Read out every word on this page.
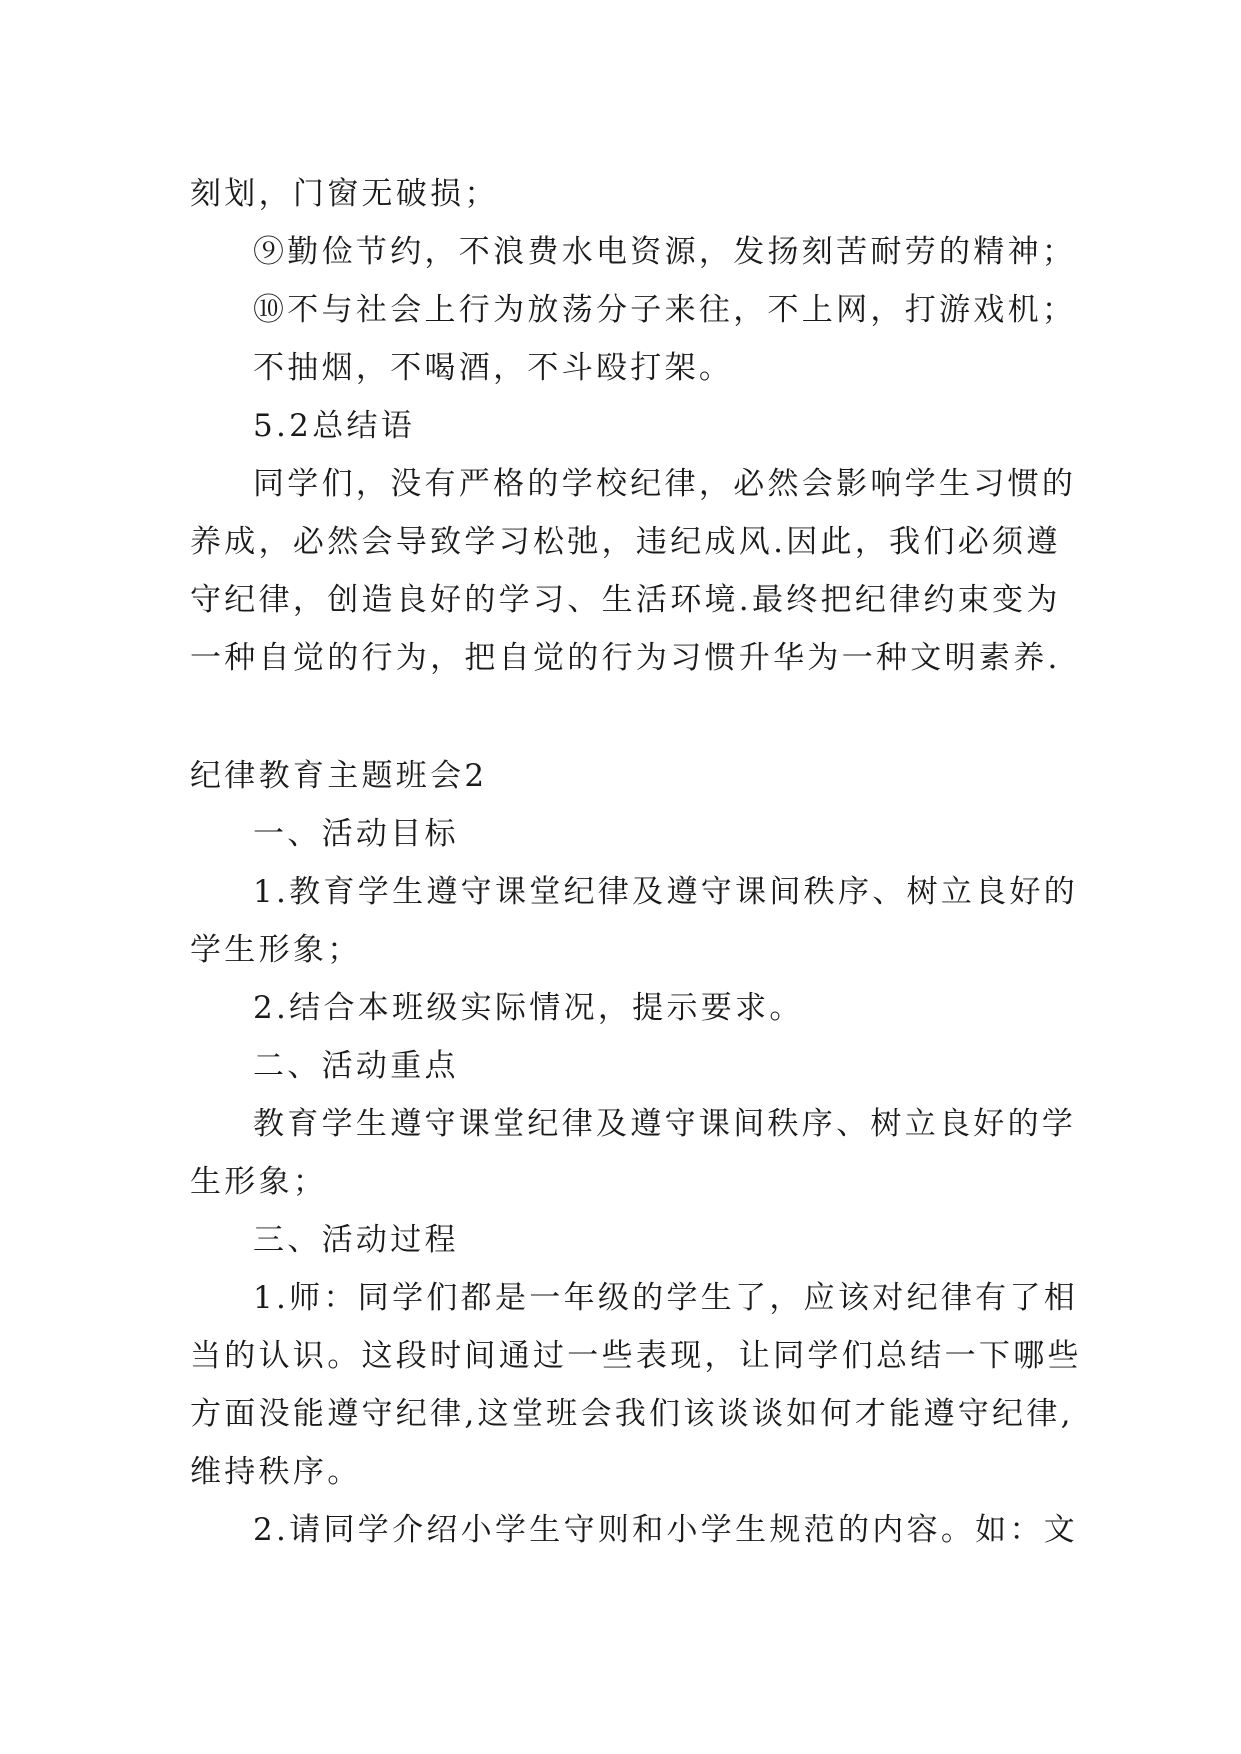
刻划，门窗无破损；
⑨勤俭节约，不浪费水电资源，发扬刻苦耐劳的精神；
⑩不与社会上行为放荡分子来往，不上网，打游戏机；
不抽烟，不喝酒，不斗殴打架。
5.2总结语
同学们，没有严格的学校纪律，必然会影响学生习惯的
养成，必然会导致学习松弛，违纪成风.因此，我们必须遵
守纪律，创造良好的学习、生活环境.最终把纪律约束变为
一种自觉的行为，把自觉的行为习惯升华为一种文明素养.
纪律教育主题班会2
一、活动目标
1.教育学生遵守课堂纪律及遵守课间秩序、树立良好的
学生形象；
2.结合本班级实际情况，提示要求。
二、活动重点
教育学生遵守课堂纪律及遵守课间秩序、树立良好的学
生形象；
三、活动过程
1.师：同学们都是一年级的学生了，应该对纪律有了相
当的认识。这段时间通过一些表现，让同学们总结一下哪些
方面没能遵守纪律,这堂班会我们该谈谈如何才能遵守纪律,
维持秩序。
2.请同学介绍小学生守则和小学生规范的内容。如：文
